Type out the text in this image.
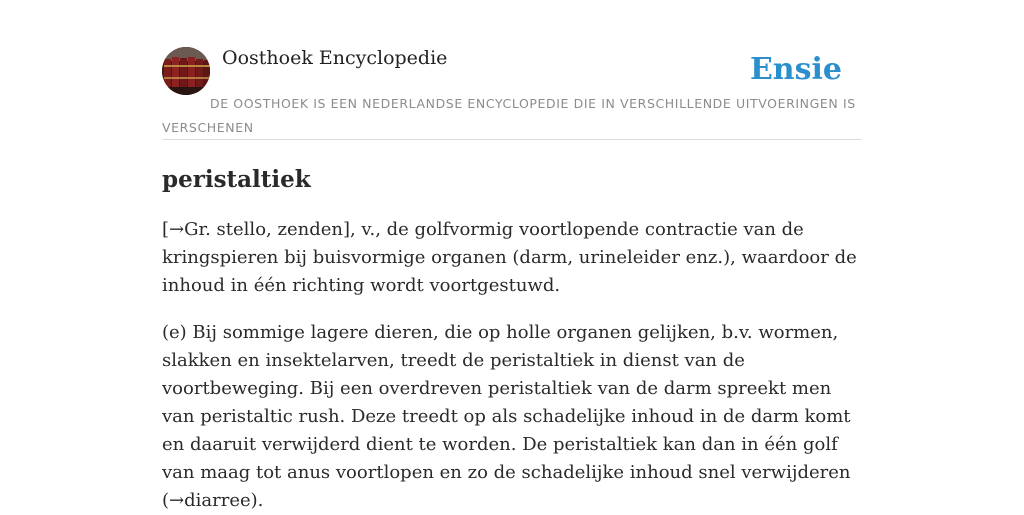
Oosthoek Encyclopedie	Ensie
DE OOSTHOEK IS EEN NEDERLANDSE ENCYCLOPEDIE DIE IN VERSCHILLENDE UITVOERINGEN IS VERSCHENEN
peristaltiek

[→Gr. stello, zenden], v., de golfvormig voortlopende contractie van de kringspieren bij buisvormige organen (darm, urineleider enz.), waardoor de inhoud in één richting wordt voortgestuwd.

(e) Bij sommige lagere dieren, die op holle organen gelijken, b.v. wormen, slakken en insektelarven, treedt de peristaltiek in dienst van de voortbeweging. Bij een overdreven peristaltiek van de darm spreekt men van peristaltic rush. Deze treedt op als schadelijke inhoud in de darm komt en daaruit verwijderd dient te worden. De peristaltiek kan dan in één golf van maag tot anus voortlopen en zo de schadelijke inhoud snel verwijderen (→diarree).
